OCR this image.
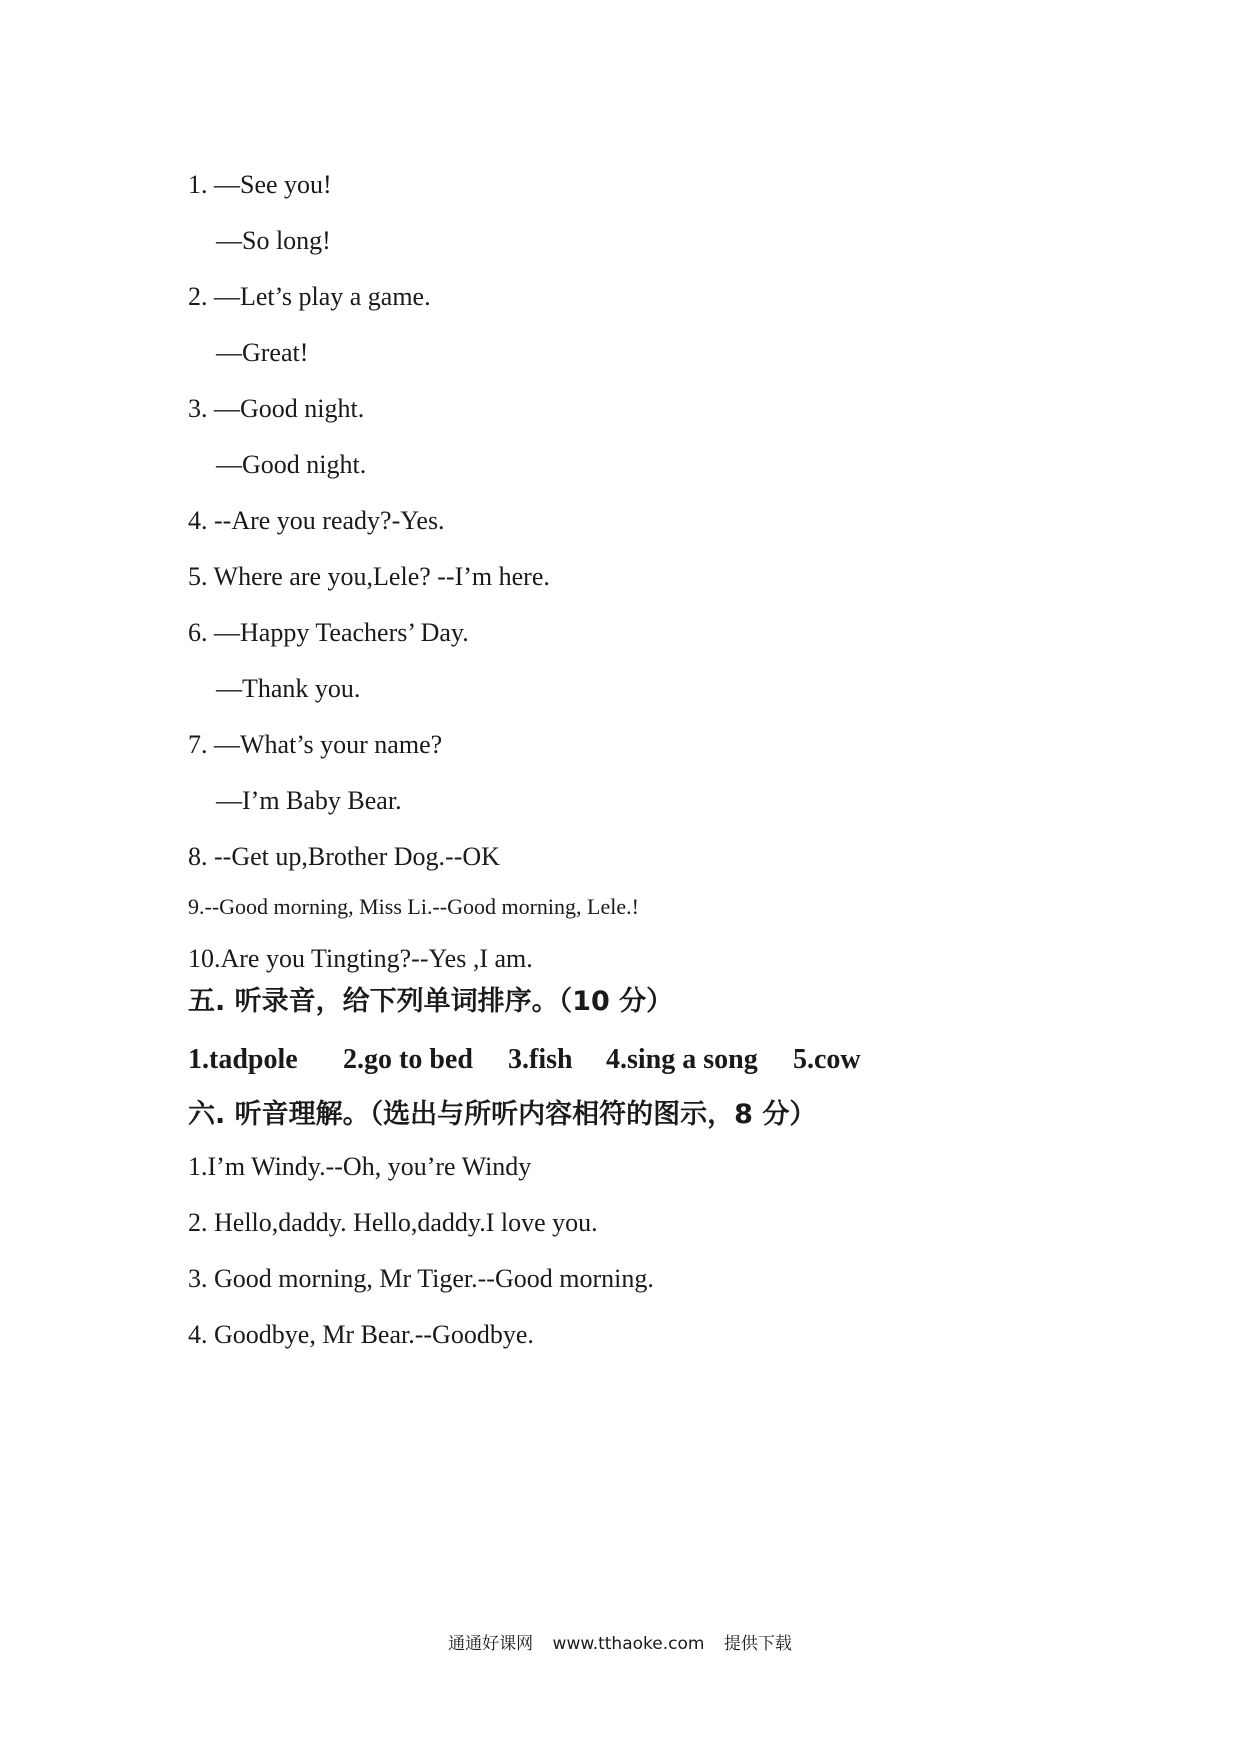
1. —See you!
—So long!
2. —Let’s play a game.
—Great!
3. —Good night.
—Good night.
4. --Are you ready?-Yes.
5. Where are you,Lele? --I’m here.
6. —Happy Teachers’ Day.
—Thank you.
7. —What’s your name?
—I’m Baby Bear.
8. --Get up,Brother Dog.--OK
9.--Good morning, Miss Li.--Good morning, Lele.!
10.Are you Tingting?--Yes ,I am.
五. 听录音，给下列单词排序。（10 分）
1.tadpole	2.go to bed	3.fish	4.sing a song	5.cow
六. 听音理解。（选出与所听内容相符的图示，8 分）
1.I’m Windy.--Oh, you’re Windy
2. Hello,daddy. Hello,daddy.I love you.
3. Good morning, Mr Tiger.--Good morning.
4. Goodbye, Mr Bear.--Goodbye.
通通好课网 www.tthaoke.com 提供下载
